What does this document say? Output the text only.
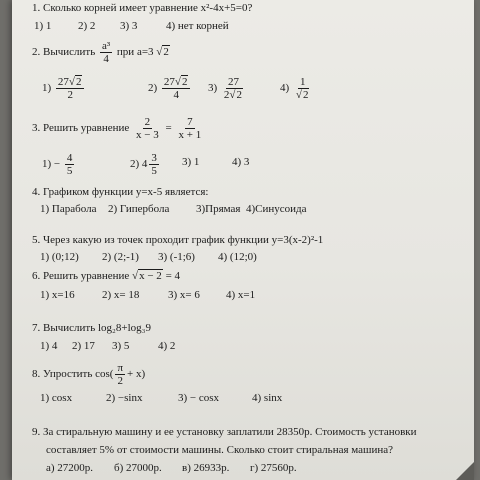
1. Сколько корней имеет уравнение x²-4x+5=0?
1) 1 2) 2 3) 3	4) нет корней
2. Вычислить $\frac{\text{a³}}{4}$ при a=3 √2
$1) \frac{27√2}{2}$	$2) \frac{27√2}{4} 3) \frac{27}{2√2}$	$4) \frac{1}{√2}$
3. Решить уравнение $\frac{2}{x - 3} = \frac{7}{x + 1}$
$1) - \frac{4}{5}$	2) $4 \frac{3}{5} 3$) 1	4) 3
4. Графиком функции y=x-5 является:
1) Парабола 2) Гипербола 3)Прямая 4)Синусоида
5. Через какую из точек проходит график функции y=3(x-2)²-1
1) (0;12) 2) (2;-1) 3) (-1;6) 4) (12;0)
6. Решить уравнение √x − 2 = 4
1) x=16 2) x= 18	3) x= 6 4) x=1
7. Вычислить log₂8+log₃9
1) 4 2) 17 3) 5	4) 2
8. Упростить $\cos( \frac{\pi}{2} + x)$
1) cosx	2) −sinx	3) − cosx	4) sinx
9. За стиральную машину и ее установку заплатили 28350р. Стоимость установки
составляет 5% от стоимости машины. Сколько стоит стиральная машина?
а) 27200р. б) 27000р. в) 26933р. г) 27560р.
